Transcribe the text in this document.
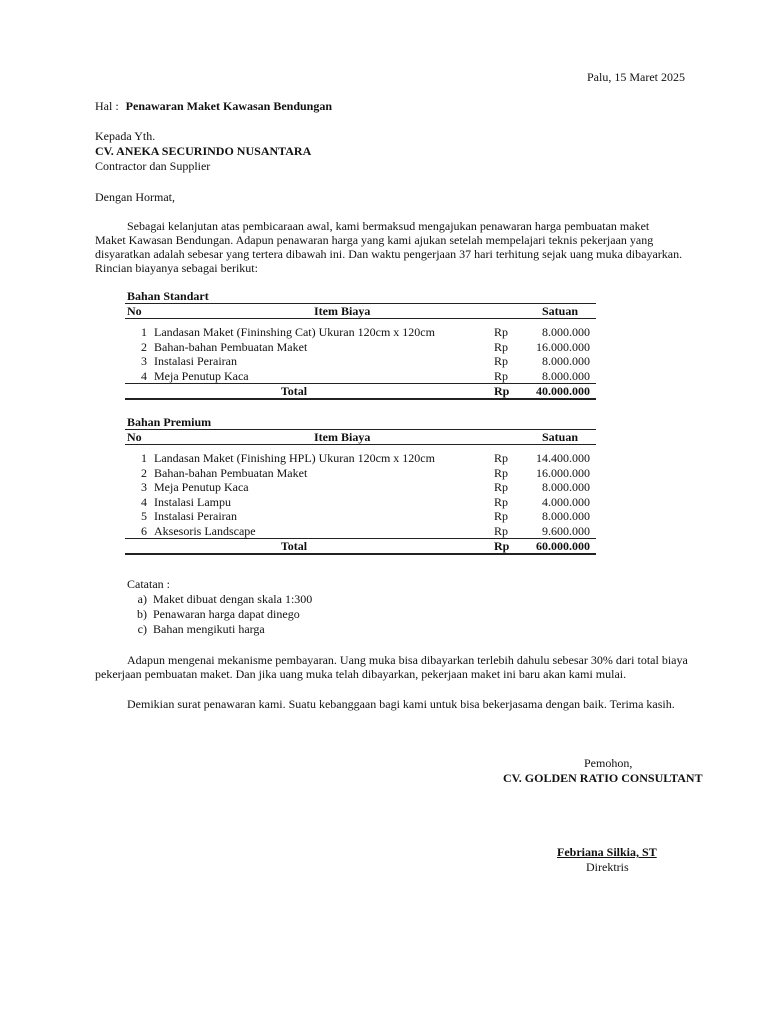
Palu, 15 Maret 2025
Hal : Penawaran Maket Kawasan Bendungan
Kepada Yth.
CV. ANEKA SECURINDO NUSANTARA
Contractor dan Supplier
Dengan Hormat,

Sebagai kelanjutan atas pembicaraan awal, kami bermaksud mengajukan penawaran harga pembuatan maket

Maket Kawasan Bendungan. Adapun penawaran harga yang kami ajukan setelah mempelajari teknis pekerjaan yang

disyaratkan adalah sebesar yang tertera dibawah ini. Dan waktu pengerjaan 37 hari terhitung sejak uang muka dibayarkan.

Rincian biayanya sebagai berikut:

Bahan Standart
No	Item Biaya		Satuan

1	Landasan Maket (Fininshing Cat) Ukuran 120cm x 120cm	Rp	8.000.000
2	Bahan-bahan Pembuatan Maket	Rp	16.000.000
3	Instalasi Perairan	Rp	8.000.000
4	Meja Penutup Kaca	Rp	8.000.000
	Total	Rp	40.000.000
Bahan Premium
No	Item Biaya		Satuan

1	Landasan Maket (Finishing HPL) Ukuran 120cm x 120cm	Rp	14.400.000
2	Bahan-bahan Pembuatan Maket	Rp	16.000.000
3	Meja Penutup Kaca	Rp	8.000.000
4	Instalasi Lampu	Rp	4.000.000
5	Instalasi Perairan	Rp	8.000.000
6	Aksesoris Landscape	Rp	9.600.000
	Total	Rp	60.000.000
Catatan :
a) Maket dibuat dengan skala 1:300
b) Penawaran harga dapat dinego
c) Bahan mengikuti harga

Adapun mengenai mekanisme pembayaran. Uang muka bisa dibayarkan terlebih dahulu sebesar 30% dari total biaya

pekerjaan pembuatan maket. Dan jika uang muka telah dibayarkan, pekerjaan maket ini baru akan kami mulai.

Demikian surat penawaran kami. Suatu kebanggaan bagi kami untuk bisa bekerjasama dengan baik. Terima kasih.

Pemohon,
CV. GOLDEN RATIO CONSULTANT
Febriana Silkia, ST
Direktris
